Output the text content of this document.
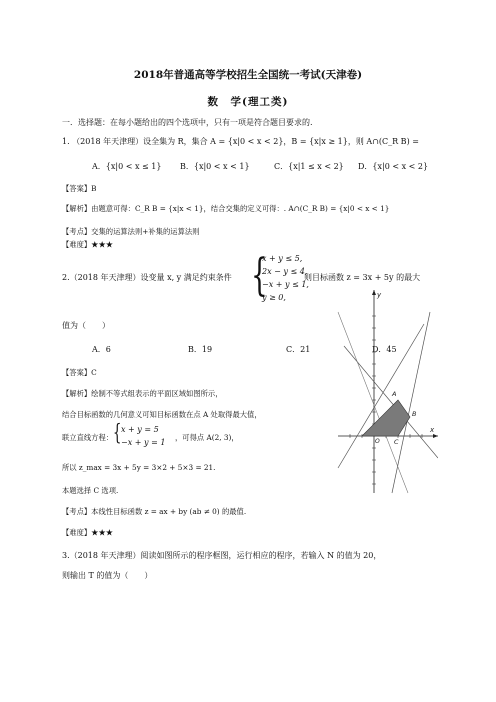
2018年普通高等学校招生全国统一考试(天津卷)
数　学(理工类)
一．选择题：在每小题给出的四个选项中，只有一项是符合题目要求的.
1. （2018 年天津理）设全集为 R，集合 A = {x|0 < x < 2}，B = {x|x ≥ 1}，则 A∩(C_R B) =
A．{x|0 < x ≤ 1} B．{x|0 < x < 1}	C．{x|1 ≤ x < 2} D．{x|0 < x < 2}
【答案】B
【解析】由题意可得：C_R B = {x|x < 1}，结合交集的定义可得：. A∩(C_R B) = {x|0 < x < 1}
【考点】交集的运算法则+补集的运算法则
【难度】★★★
2.（2018 年天津理）设变量 x, y 满足约束条件 {
x + y ≤ 5,
2x − y ≤ 4,
−x + y ≤ 1,
y ≥ 0,
则目标函数 z = 3x + 5y 的最大
值为（　　）
A．6	B．19	C．21	D．45
【答案】C
【解析】绘制不等式组表示的平面区域如图所示，
结合目标函数的几何意义可知目标函数在点 A 处取得最大值，
联立直线方程： { x + y = 5
−x + y = 1
，可得点 A(2, 3)，
所以 z_max = 3x + 5y = 3×2 + 5×3 = 21.
本题选择 C 选项.
【考点】本线性目标函数 z = ax + by (ab ≠ 0) 的最值.
【难度】★★★
3.（2018 年天津理）阅读如图所示的程序框图，运行相应的程序，若输入 N 的值为 20，
则输出 T 的值为（　　）
y
x
A
B
C
O
